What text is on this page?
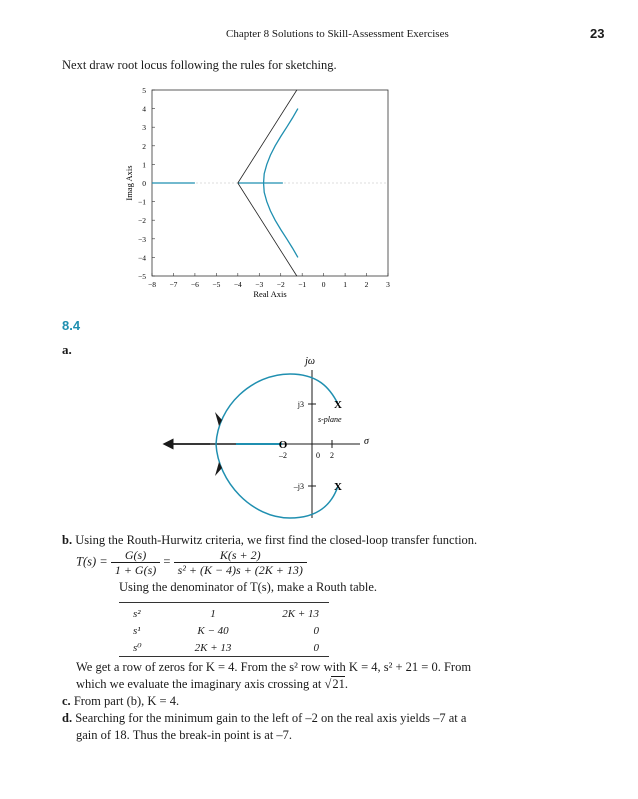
Chapter 8 Solutions to Skill-Assessment Exercises	23
Next draw root locus following the rules for sketching.
−8 −7 −6 −5 −4 −3 −2 −1 0 1 2 3
−5
−4
−3
−2
−1
0
1
2
3
4
5
Real Axis
Imag Axis
8.4
a.
X
X
O
jω
σ
s-plane
j3
–j3
–2	0 2
b. Using the Routh-Hurwitz criteria, we first find the closed-loop transfer function.
$T(s) = \frac{G(s)}{1 + G(s)} = \frac{K(s + 2)}{\text{s² + (K − 4)s + (2K + 13)}}$
Using the denominator of T(s), make a Routh table.
s²	1	2K + 13
s¹	K − 40	0
s⁰	2K + 13	0
We get a row of zeros for K = 4. From the s² row with K = 4, s² + 21 = 0. From
which we evaluate the imaginary axis crossing at √21.
c. From part (b), K = 4.
d. Searching for the minimum gain to the left of –2 on the real axis yields –7 at a
gain of 18. Thus the break-in point is at –7.
